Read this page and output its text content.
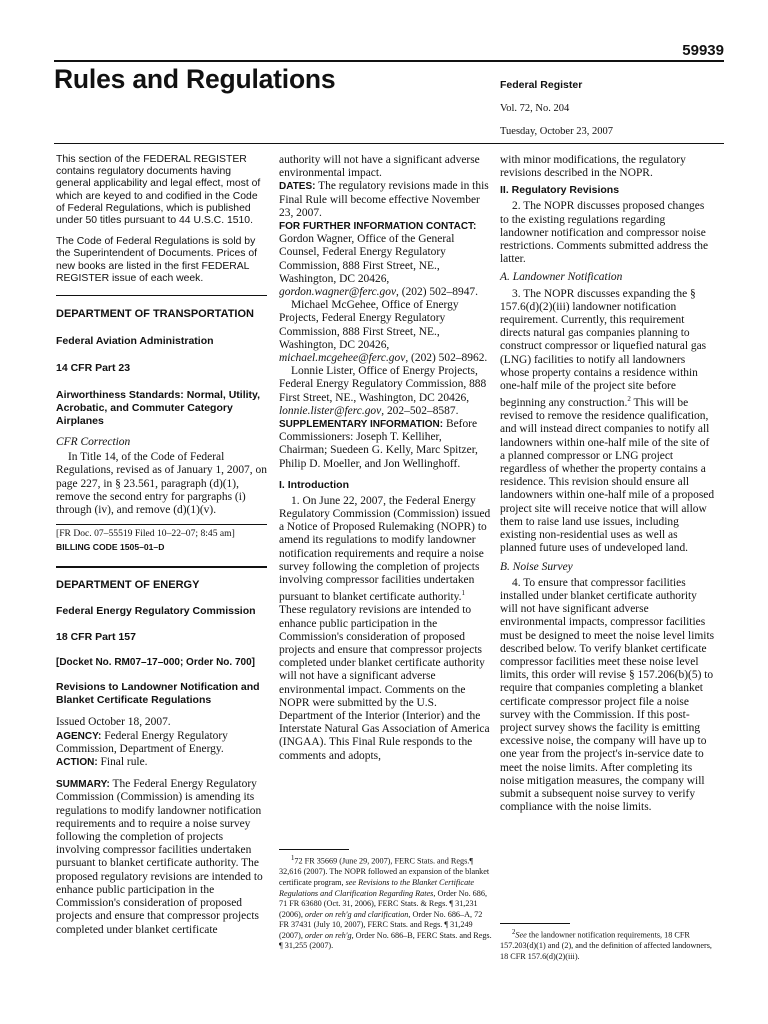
59939
Rules and Regulations	Federal Register
Vol. 72, No. 204
Tuesday, October 23, 2007

This section of the FEDERAL REGISTER contains regulatory documents having general applicability and legal effect, most of which are keyed to and codified in the Code of Federal Regulations, which is published under 50 titles pursuant to 44 U.S.C. 1510.

The Code of Federal Regulations is sold by the Superintendent of Documents. Prices of new books are listed in the first FEDERAL REGISTER issue of each week.

DEPARTMENT OF TRANSPORTATION

Federal Aviation Administration

14 CFR Part 23

Airworthiness Standards: Normal, Utility, Acrobatic, and Commuter Category Airplanes

CFR Correction

In Title 14, of the Code of Federal Regulations, revised as of January 1, 2007, on page 227, in § 23.561, paragraph (d)(1), remove the second entry for pargraphs (i) through (iv), and remove (d)(1)(v).

[FR Doc. 07–55519 Filed 10–22–07; 8:45 am]

BILLING CODE 1505–01–D

DEPARTMENT OF ENERGY

Federal Energy Regulatory Commission

18 CFR Part 157

[Docket No. RM07–17–000; Order No. 700]

Revisions to Landowner Notification and Blanket Certificate Regulations

Issued October 18, 2007.

AGENCY: Federal Energy Regulatory Commission, Department of Energy.

ACTION: Final rule.

SUMMARY: The Federal Energy Regulatory Commission (Commission) is amending its regulations to modify landowner notification requirements and to require a noise survey following the completion of projects involving compressor facilities undertaken pursuant to blanket certificate authority. The proposed regulatory revisions are intended to enhance public participation in the Commission's consideration of proposed projects and ensure that compressor projects completed under blanket certificate

authority will not have a significant adverse environmental impact.

DATES: The regulatory revisions made in this Final Rule will become effective November 23, 2007.

FOR FURTHER INFORMATION CONTACT:

Gordon Wagner, Office of the General Counsel, Federal Energy Regulatory Commission, 888 First Street, NE., Washington, DC 20426, gordon.wagner@ferc.gov, (202) 502–8947.

Michael McGehee, Office of Energy Projects, Federal Energy Regulatory Commission, 888 First Street, NE., Washington, DC 20426, michael.mcgehee@ferc.gov, (202) 502–8962.

Lonnie Lister, Office of Energy Projects, Federal Energy Regulatory Commission, 888 First Street, NE., Washington, DC 20426, lonnie.lister@ferc.gov, 202–502–8587.

SUPPLEMENTARY INFORMATION: Before Commissioners: Joseph T. Kelliher, Chairman; Suedeen G. Kelly, Marc Spitzer, Philip D. Moeller, and Jon Wellinghoff.

I. Introduction

1. On June 22, 2007, the Federal Energy Regulatory Commission (Commission) issued a Notice of Proposed Rulemaking (NOPR) to amend its regulations to modify landowner notification requirements and require a noise survey following the completion of projects involving compressor facilities undertaken pursuant to blanket certificate authority.$^1$ These regulatory revisions are intended to enhance public participation in the Commission's consideration of proposed projects and ensure that compressor projects completed under blanket certificate authority will not have a significant adverse environmental impact. Comments on the NOPR were submitted by the U.S. Department of the Interior (Interior) and the Interstate Natural Gas Association of America (INGAA). This Final Rule responds to the comments and adopts,

$^1$72 FR 35669 (June 29, 2007), FERC Stats. and Regs.¶ 32,616 (2007). The NOPR followed an expansion of the blanket certificate program, see Revisions to the Blanket Certificate Regulations and Clarification Regarding Rates, Order No. 686, 71 FR 63680 (Oct. 31, 2006), FERC Stats. & Regs. ¶ 31,231 (2006), order on reh'g and clarification, Order No. 686–A, 72 FR 37431 (July 10, 2007), FERC Stats. and Regs. ¶ 31,249 (2007), order on reh'g, Order No. 686–B, FERC Stats. and Regs. ¶ 31,255 (2007).

with minor modifications, the regulatory revisions described in the NOPR.

II. Regulatory Revisions

2. The NOPR discusses proposed changes to the existing regulations regarding landowner notification and compressor noise restrictions. Comments submitted address the latter.

A. Landowner Notification

3. The NOPR discusses expanding the § 157.6(d)(2)(iii) landowner notification requirement. Currently, this requirement directs natural gas companies planning to construct compressor or liquefied natural gas (LNG) facilities to notify all landowners whose property contains a residence within one-half mile of the project site before beginning any construction.$^2$ This will be revised to remove the residence qualification, and will instead direct companies to notify all landowners within one-half mile of the site of a planned compressor or LNG project regardless of whether the property contains a residence. This revision should ensure all landowners within one-half mile of a proposed project site will receive notice that will allow them to raise land use issues, including existing non-residential uses as well as planned future uses of undeveloped land.

B. Noise Survey

4. To ensure that compressor facilities installed under blanket certificate authority will not have significant adverse environmental impacts, compressor facilities must be designed to meet the noise level limits described below. To verify blanket certificate compressor facilities meet these noise level limits, this order will revise § 157.206(b)(5) to require that companies completing a blanket certificate compressor project file a noise survey with the Commission. If this post-project survey shows the facility is emitting excessive noise, the company will have up to one year from the project's in-service date to meet the noise limits. After completing its noise mitigation measures, the company will submit a subsequent noise survey to verify compliance with the noise limits.

$^2$See the landowner notification requirements, 18 CFR 157.203(d)(1) and (2), and the definition of affected landowners, 18 CFR 157.6(d)(2)(iii).
